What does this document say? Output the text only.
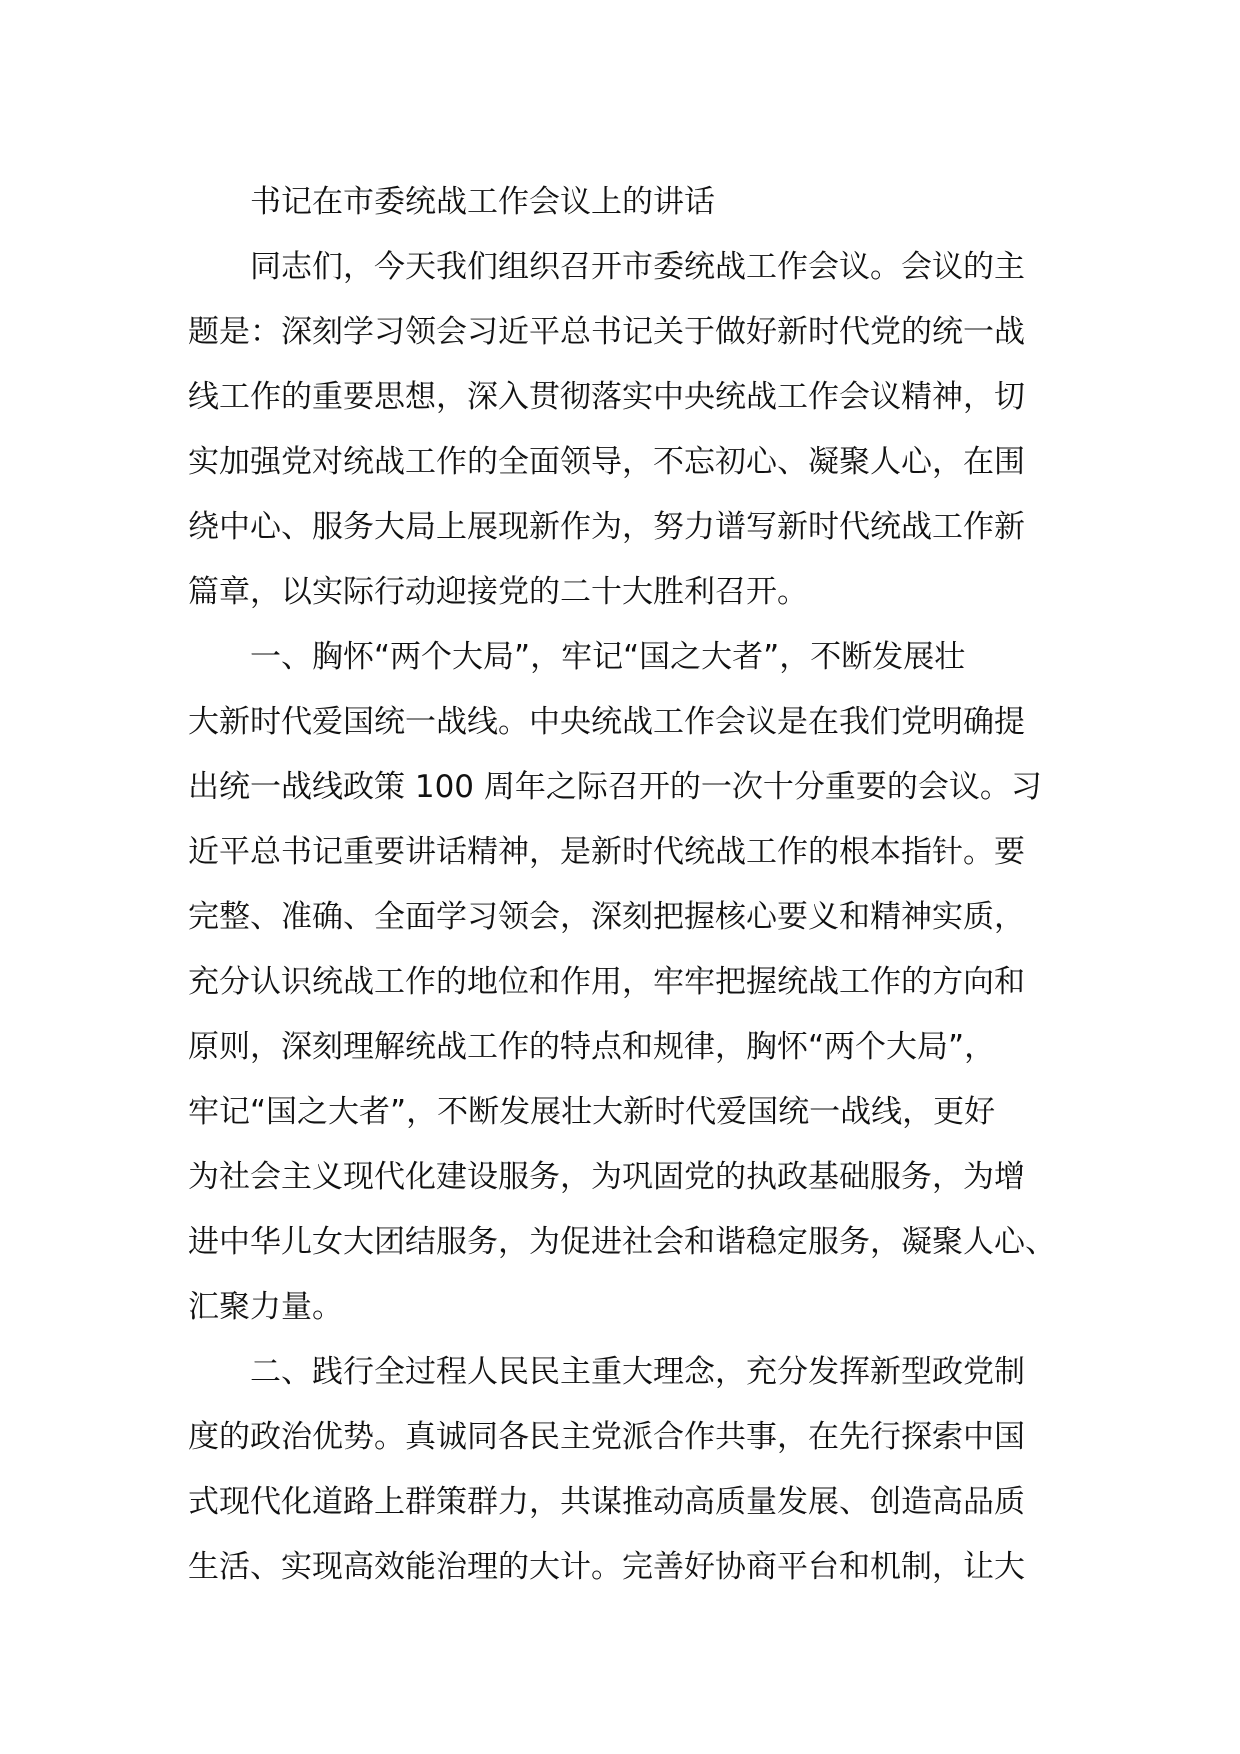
书记在市委统战工作会议上的讲话

同志们，今天我们组织召开市委统战工作会议。会议的主

题是：深刻学习领会习近平总书记关于做好新时代党的统一战

线工作的重要思想，深入贯彻落实中央统战工作会议精神，切

实加强党对统战工作的全面领导，不忘初心、凝聚人心，在围

绕中心、服务大局上展现新作为，努力谱写新时代统战工作新

篇章，以实际行动迎接党的二十大胜利召开。

一、胸怀“两个大局”，牢记“国之大者”，不断发展壮

大新时代爱国统一战线。中央统战工作会议是在我们党明确提

出统一战线政策 100 周年之际召开的一次十分重要的会议。习

近平总书记重要讲话精神，是新时代统战工作的根本指针。要

完整、准确、全面学习领会，深刻把握核心要义和精神实质，

充分认识统战工作的地位和作用，牢牢把握统战工作的方向和

原则，深刻理解统战工作的特点和规律，胸怀“两个大局”，

牢记“国之大者”，不断发展壮大新时代爱国统一战线，更好

为社会主义现代化建设服务，为巩固党的执政基础服务，为增

进中华儿女大团结服务，为促进社会和谐稳定服务，凝聚人心、

汇聚力量。

二、践行全过程人民民主重大理念，充分发挥新型政党制

度的政治优势。真诚同各民主党派合作共事，在先行探索中国

式现代化道路上群策群力，共谋推动高质量发展、创造高品质

生活、实现高效能治理的大计。完善好协商平台和机制，让大
